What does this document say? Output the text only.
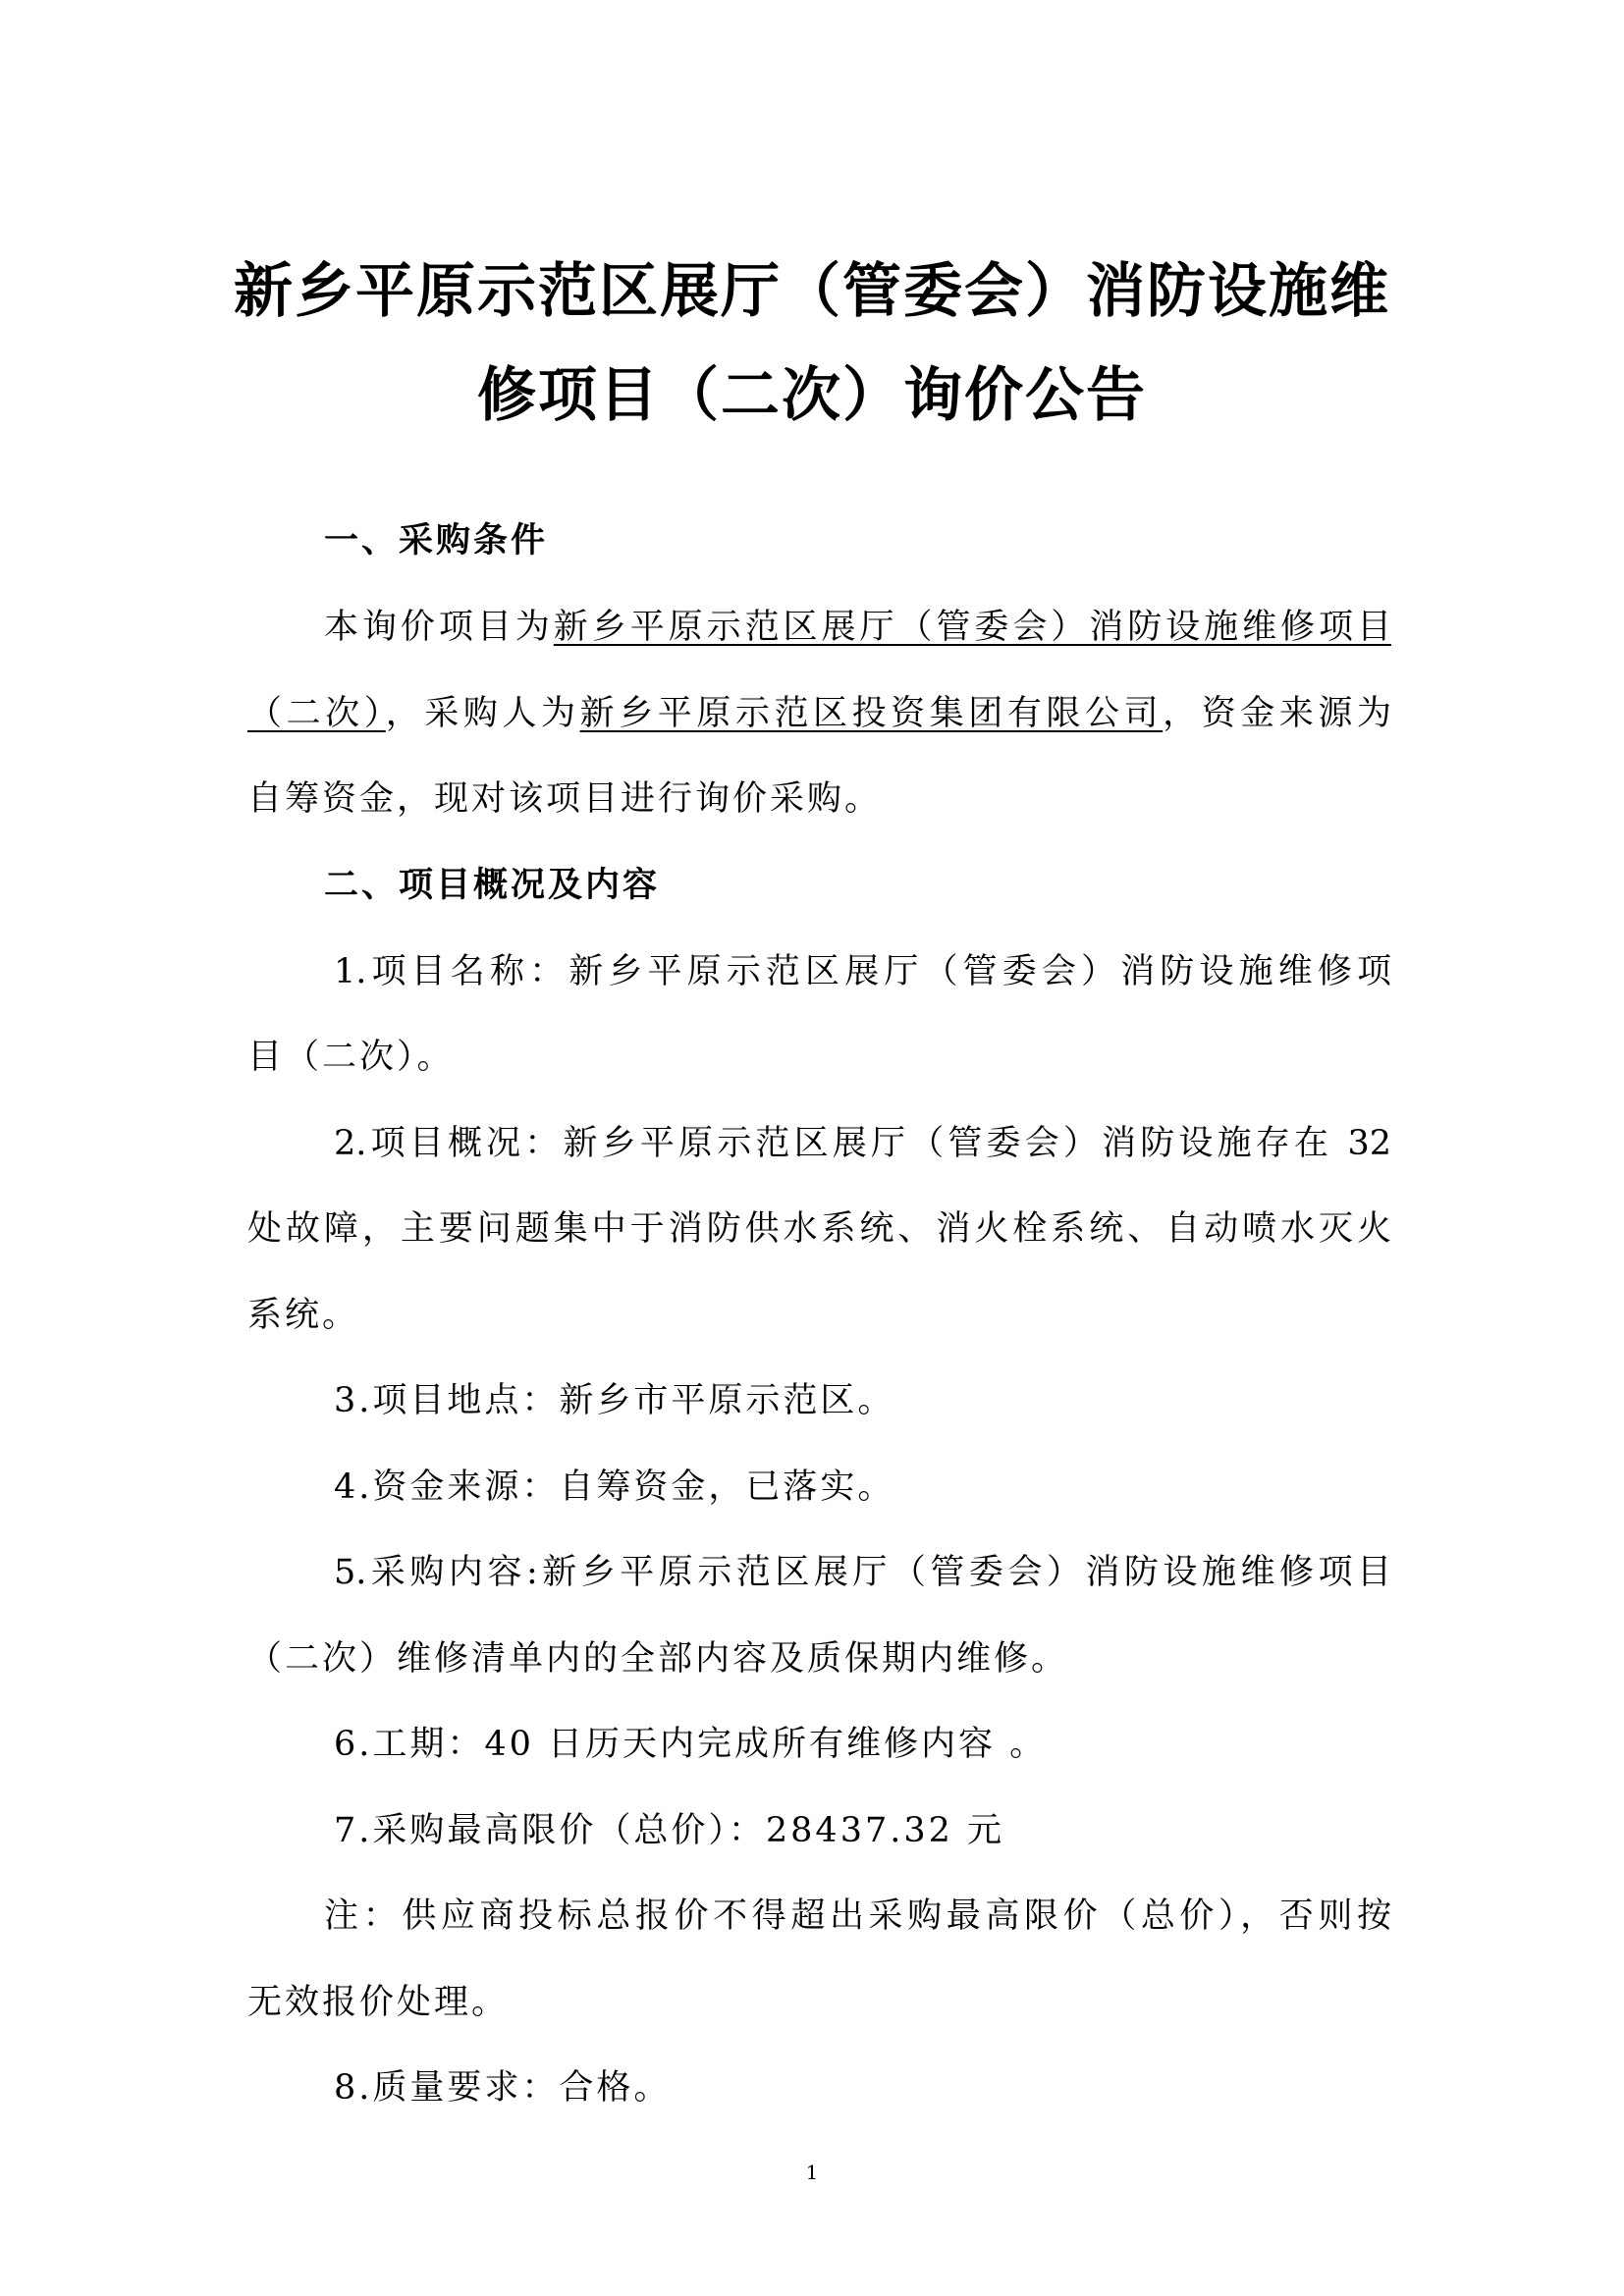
新乡平原示范区展厅（管委会）消防设施维
修项目（二次）询价公告
一、采购条件
本询价项目为新乡平原示范区展厅（管委会）消防设施维修项目
（二次），采购人为新乡平原示范区投资集团有限公司，资金来源为
自筹资金，现对该项目进行询价采购。
二、项目概况及内容
1.项目名称：新乡平原示范区展厅（管委会）消防设施维修项
目（二次）。
2.项目概况：新乡平原示范区展厅（管委会）消防设施存在 32
处故障，主要问题集中于消防供水系统、消火栓系统、自动喷水灭火
系统。
3.项目地点：新乡市平原示范区。
4.资金来源：自筹资金，已落实。
5.采购内容:新乡平原示范区展厅（管委会）消防设施维修项目
（二次）维修清单内的全部内容及质保期内维修。
6.工期：40 日历天内完成所有维修内容 。
7.采购最高限价（总价）：28437.32 元
注：供应商投标总报价不得超出采购最高限价（总价），否则按
无效报价处理。
8.质量要求：合格。
1
